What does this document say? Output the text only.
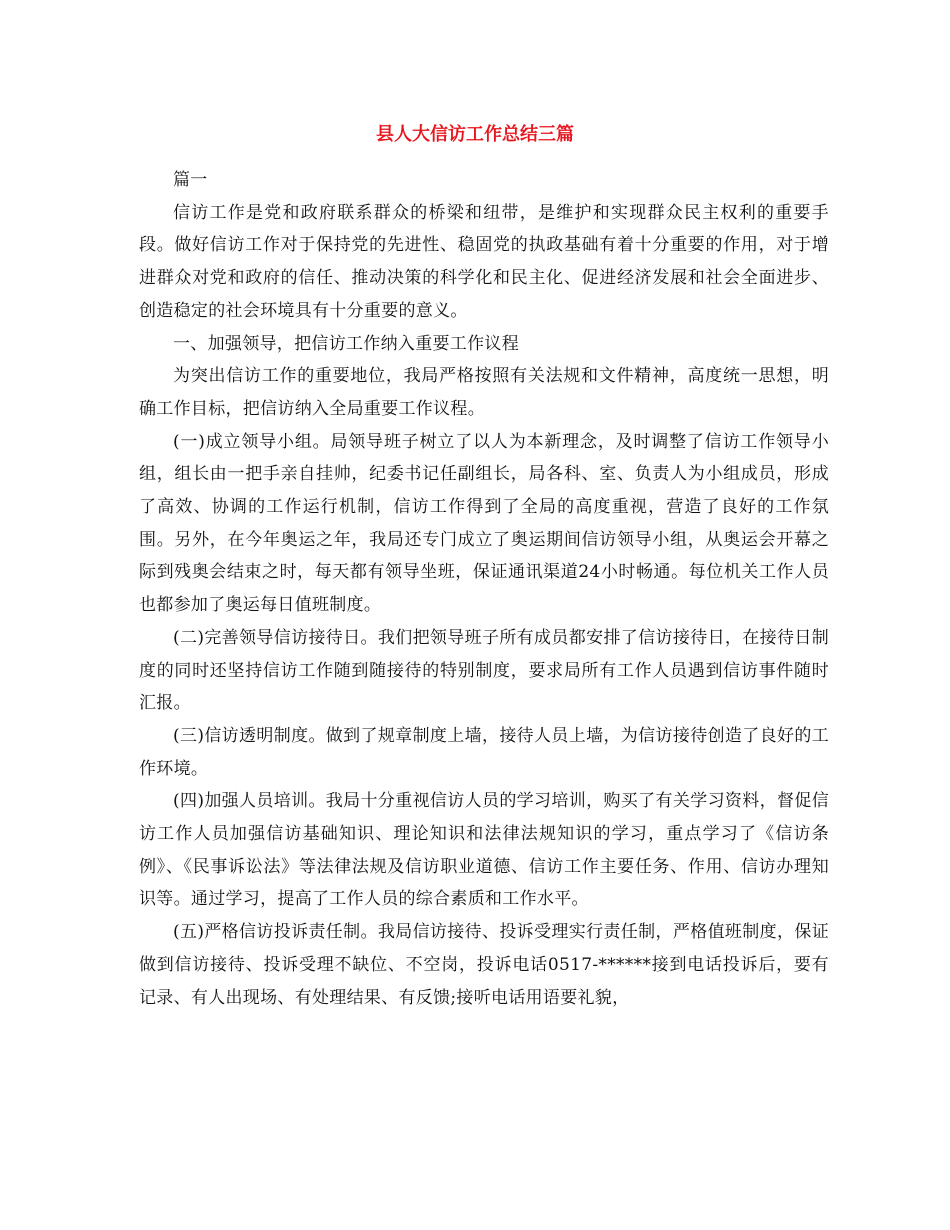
县人大信访工作总结三篇

篇一

信访工作是党和政府联系群众的桥梁和纽带，是维护和实现群众民主权利的重要手段。做好信访工作对于保持党的先进性、稳固党的执政基础有着十分重要的作用，对于增进群众对党和政府的信任、推动决策的科学化和民主化、促进经济发展和社会全面进步、创造稳定的社会环境具有十分重要的意义。

一、加强领导，把信访工作纳入重要工作议程

为突出信访工作的重要地位，我局严格按照有关法规和文件精神，高度统一思想，明确工作目标，把信访纳入全局重要工作议程。

(一)成立领导小组。局领导班子树立了以人为本新理念，及时调整了信访工作领导小组，组长由一把手亲自挂帅，纪委书记任副组长，局各科、室、负责人为小组成员，形成了高效、协调的工作运行机制，信访工作得到了全局的高度重视，营造了良好的工作氛围。另外，在今年奥运之年，我局还专门成立了奥运期间信访领导小组，从奥运会开幕之际到残奥会结束之时，每天都有领导坐班，保证通讯渠道24小时畅通。每位机关工作人员也都参加了奥运每日值班制度。

(二)完善领导信访接待日。我们把领导班子所有成员都安排了信访接待日，在接待日制度的同时还坚持信访工作随到随接待的特别制度，要求局所有工作人员遇到信访事件随时汇报。

(三)信访透明制度。做到了规章制度上墙，接待人员上墙，为信访接待创造了良好的工作环境。

(四)加强人员培训。我局十分重视信访人员的学习培训，购买了有关学习资料，督促信访工作人员加强信访基础知识、理论知识和法律法规知识的学习，重点学习了《信访条例》、《民事诉讼法》等法律法规及信访职业道德、信访工作主要任务、作用、信访办理知识等。通过学习，提高了工作人员的综合素质和工作水平。

(五)严格信访投诉责任制。我局信访接待、投诉受理实行责任制，严格值班制度，保证做到信访接待、投诉受理不缺位、不空岗，投诉电话0517-******接到电话投诉后，要有记录、有人出现场、有处理结果、有反馈;接听电话用语要礼貌，
